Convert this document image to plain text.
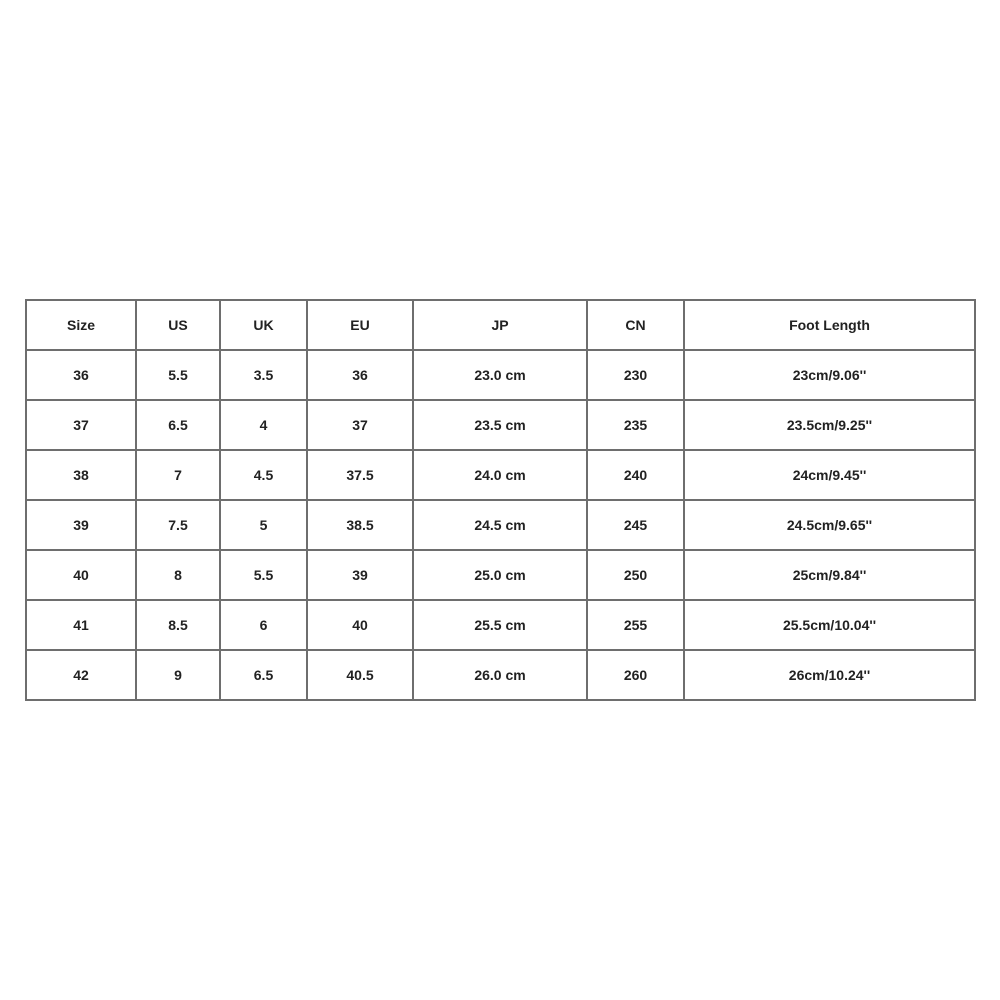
Size	US	UK	EU	JP	CN	Foot Length
36	5.5	3.5	36	23.0 cm	230	23cm/9.06''
37	6.5	4	37	23.5 cm	235	23.5cm/9.25''
38	7	4.5	37.5	24.0 cm	240	24cm/9.45''
39	7.5	5	38.5	24.5 cm	245	24.5cm/9.65''
40	8	5.5	39	25.0 cm	250	25cm/9.84''
41	8.5	6	40	25.5 cm	255	25.5cm/10.04''
42	9	6.5	40.5	26.0 cm	260	26cm/10.24''
